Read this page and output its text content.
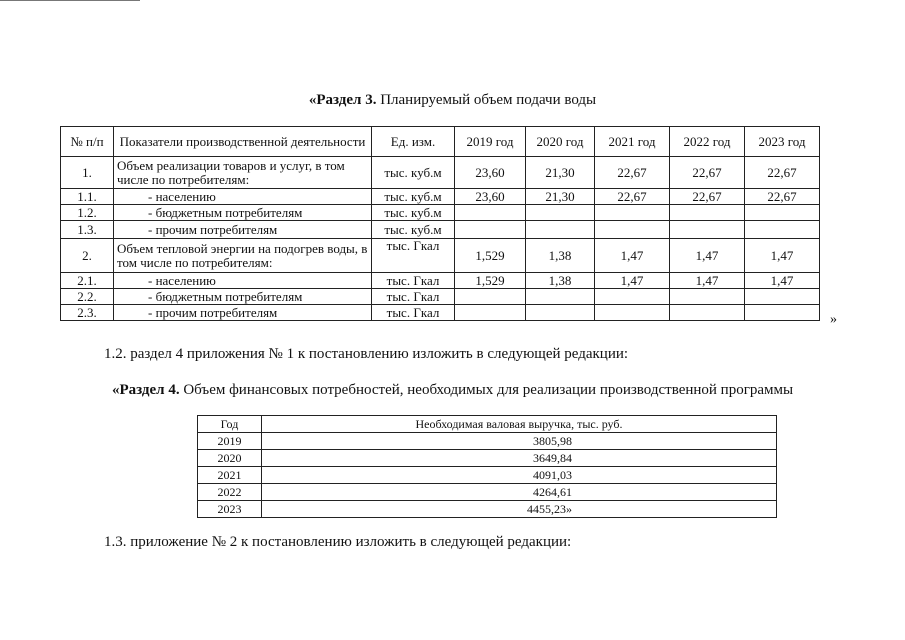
«Раздел 3. Планируемый объем подачи воды
№ п/п	Показатели производственной деятельности	Ед. изм.	2019 год	2020 год	2021 год	2022 год	2023 год
1.	Объем реализации товаров и услуг, в том числе по потребителям:	тыс. куб.м	23,60	21,30	22,67	22,67	22,67
1.1.	- населению	тыс. куб.м	23,60	21,30	22,67	22,67	22,67
1.2.	- бюджетным потребителям	тыс. куб.м					
1.3.	- прочим потребителям	тыс. куб.м					
2.	Объем тепловой энергии на подогрев воды, в том числе по потребителям:	тыс. Гкал	1,529	1,38	1,47	1,47	1,47
2.1.	- населению	тыс. Гкал	1,529	1,38	1,47	1,47	1,47
2.2.	- бюджетным потребителям	тыс. Гкал					
2.3.	- прочим потребителям	тыс. Гкал						»
1.2. раздел 4 приложения № 1 к постановлению изложить в следующей редакции:
«Раздел 4. Объем финансовых потребностей, необходимых для реализации производственной программы
Год	Необходимая валовая выручка, тыс. руб.
2019	3805,98
2020	3649,84
2021	4091,03
2022	4264,61
2023	4455,23»
1.3. приложение № 2 к постановлению изложить в следующей редакции:
